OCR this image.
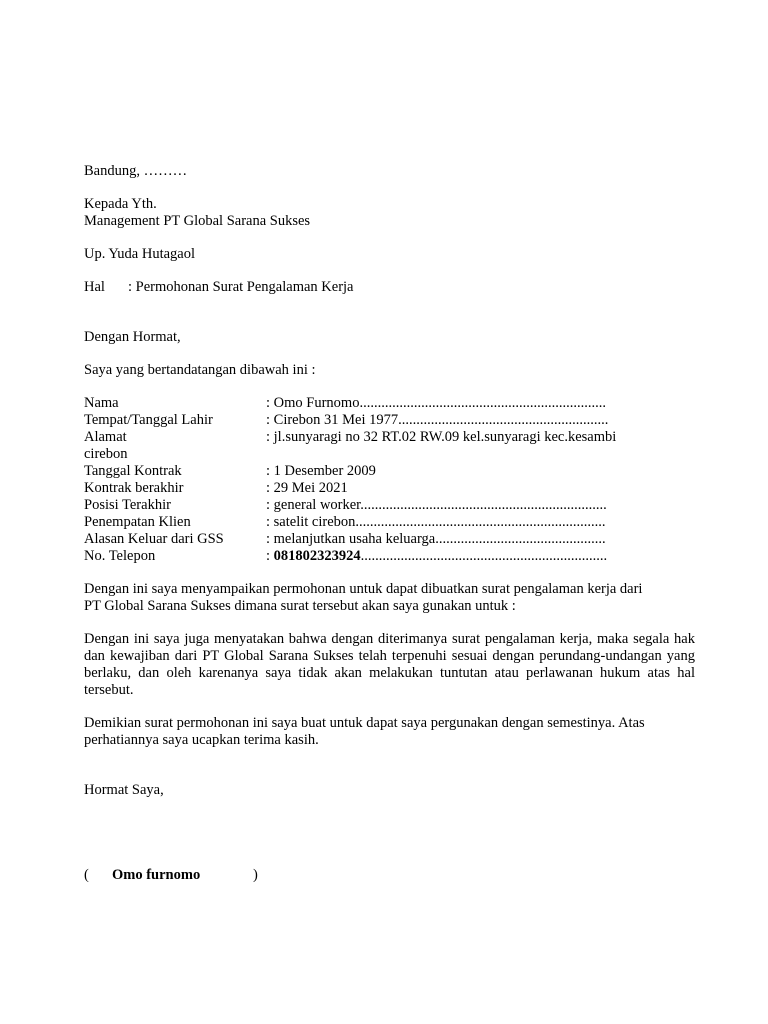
Bandung, ………
Kepada Yth.
Management PT Global Sarana Sukses
Up. Yuda Hutagaol
Hal	: Permohonan Surat Pengalaman Kerja
Dengan Hormat,
Saya yang bertandatangan dibawah ini :
Nama	: Omo Furnomo....................................................................
Tempat/Tanggal Lahir	: Cirebon 31 Mei 1977..........................................................
Alamat	: jl.sunyaragi no 32 RT.02 RW.09 kel.sunyaragi kec.kesambi
cirebon
Tanggal Kontrak	: 1 Desember 2009
Kontrak berakhir	: 29 Mei 2021
Posisi Terakhir	: general worker....................................................................
Penempatan Klien	: satelit cirebon.....................................................................
Alasan Keluar dari GSS	: melanjutkan usaha keluarga...............................................
No. Telepon	: 081802323924....................................................................
Dengan ini saya menyampaikan permohonan untuk dapat dibuatkan surat pengalaman kerja dari
PT Global Sarana Sukses dimana surat tersebut akan saya gunakan untuk :
Dengan ini saya juga menyatakan bahwa dengan diterimanya surat pengalaman kerja, maka segala hak dan kewajiban dari PT Global Sarana Sukses telah terpenuhi sesuai dengan perundang-undangan yang berlaku, dan oleh karenanya saya tidak akan melakukan tuntutan atau perlawanan hukum atas hal tersebut.
Demikian surat permohonan ini saya buat untuk dapat saya pergunakan dengan semestinya. Atas
perhatiannya saya ucapkan terima kasih.
Hormat Saya,
(	Omo furnomo	)
